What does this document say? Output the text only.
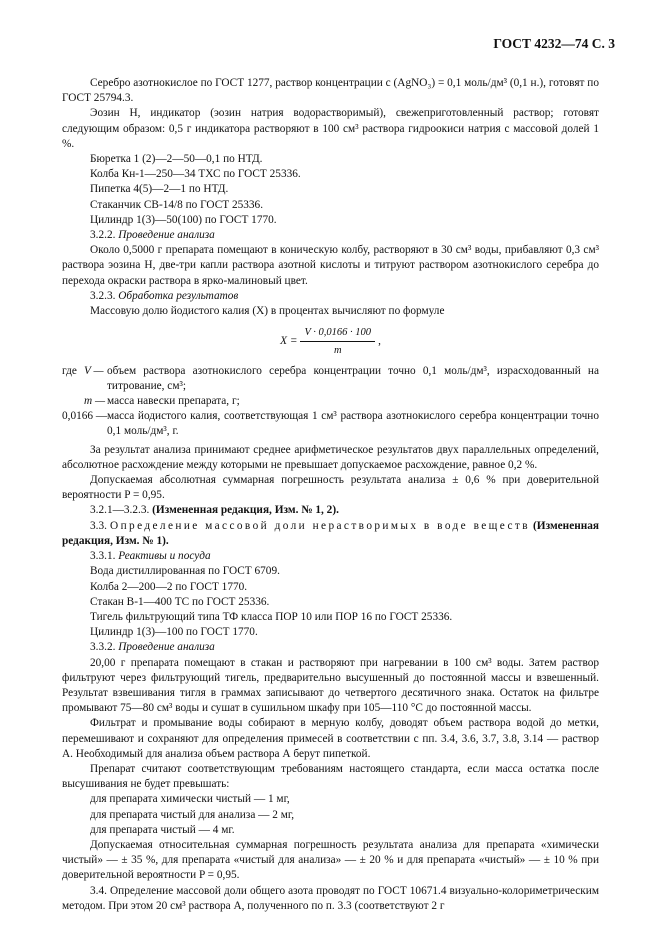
ГОСТ 4232—74 С. 3

Серебро азотнокислое по ГОСТ 1277, раствор концентрации c (AgNO₃) = 0,1 моль/дм³ (0,1 н.), готовят по ГОСТ 25794.3.

Эозин Н, индикатор (эозин натрия водорастворимый), свежеприготовленный раствор; готовят следующим образом: 0,5 г индикатора растворяют в 100 см³ раствора гидроокиси натрия с массовой долей 1 %.

Бюретка 1 (2)—2—50—0,1 по НТД.

Колба Кн-1—250—34 ТХС по ГОСТ 25336.

Пипетка 4(5)—2—1 по НТД.

Стаканчик СВ-14/8 по ГОСТ 25336.

Цилиндр 1(3)—50(100) по ГОСТ 1770.

3.2.2. Проведение анализа

Около 0,5000 г препарата помещают в коническую колбу, растворяют в 30 см³ воды, прибавляют 0,3 см³ раствора эозина Н, две-три капли раствора азотной кислоты и титруют раствором азотнокислого серебра до перехода окраски раствора в ярко-малиновый цвет.

3.2.3. Обработка результатов

Массовую долю йодистого калия (X) в процентах вычисляют по формуле

$X = \frac{V \cdot 0,0166 \cdot 100}{m}$ ,
где V — объем раствора азотнокислого серебра концентрации точно 0,1 моль/дм³, израсходованный на титрование, см³;
m — масса навески препарата, г;
0,0166 — масса йодистого калия, соответствующая 1 см³ раствора азотнокислого серебра концентрации точно 0,1 моль/дм³, г.

За результат анализа принимают среднее арифметическое результатов двух параллельных определений, абсолютное расхождение между которыми не превышает допускаемое расхождение, равное 0,2 %.

Допускаемая абсолютная суммарная погрешность результата анализа ± 0,6 % при доверительной вероятности P = 0,95.

3.2.1—3.2.3. (Измененная редакция, Изм. № 1, 2).

3.3. Определение массовой доли нерастворимых в воде веществ (Измененная редакция, Изм. № 1).

3.3.1. Реактивы и посуда

Вода дистиллированная по ГОСТ 6709.

Колба 2—200—2 по ГОСТ 1770.

Стакан В-1—400 ТС по ГОСТ 25336.

Тигель фильтрующий типа ТФ класса ПОР 10 или ПОР 16 по ГОСТ 25336.

Цилиндр 1(3)—100 по ГОСТ 1770.

3.3.2. Проведение анализа

20,00 г препарата помещают в стакан и растворяют при нагревании в 100 см³ воды. Затем раствор фильтруют через фильтрующий тигель, предварительно высушенный до постоянной массы и взвешенный. Результат взвешивания тигля в граммах записывают до четвертого десятичного знака. Остаток на фильтре промывают 75—80 см³ воды и сушат в сушильном шкафу при 105—110 °С до постоянной массы.

Фильтрат и промывание воды собирают в мерную колбу, доводят объем раствора водой до метки, перемешивают и сохраняют для определения примесей в соответствии с пп. 3.4, 3.6, 3.7, 3.8, 3.14 — раствор А. Необходимый для анализа объем раствора А берут пипеткой.

Препарат считают соответствующим требованиям настоящего стандарта, если масса остатка после высушивания не будет превышать:

для препарата химически чистый — 1 мг,

для препарата чистый для анализа — 2 мг,

для препарата чистый — 4 мг.

Допускаемая относительная суммарная погрешность результата анализа для препарата «химически чистый» — ± 35 %, для препарата «чистый для анализа» — ± 20 % и для препарата «чистый» — ± 10 % при доверительной вероятности P = 0,95.

3.4. Определение массовой доли общего азота проводят по ГОСТ 10671.4 визуально-колориметрическим методом. При этом 20 см³ раствора А, полученного по п. 3.3 (соответствуют 2 г
